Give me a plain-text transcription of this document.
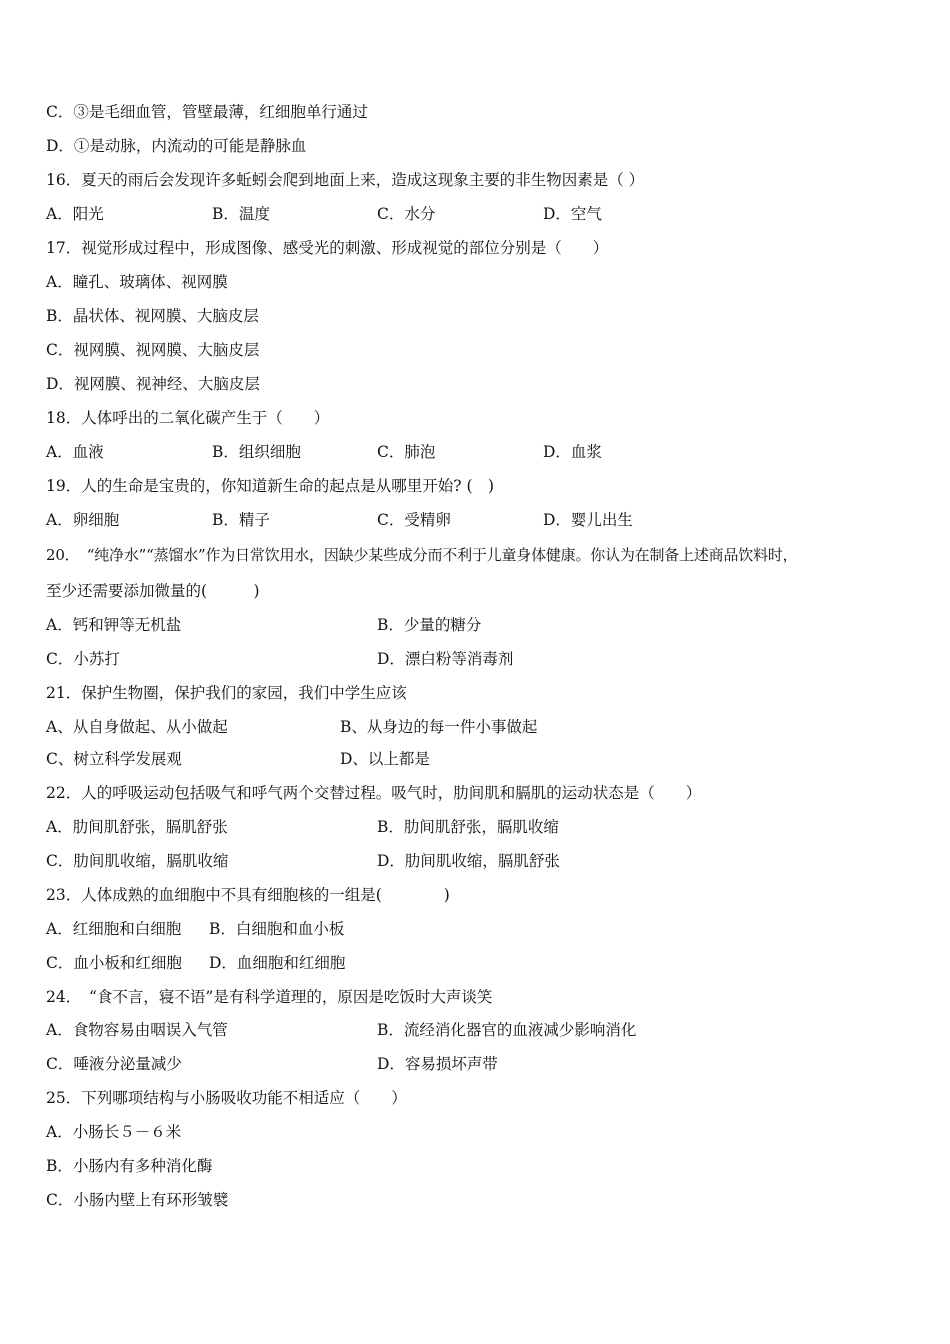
C．③是毛细血管，管壁最薄，红细胞单行通过
D．①是动脉，内流动的可能是静脉血
16．夏天的雨后会发现许多蚯蚓会爬到地面上来，造成这现象主要的非生物因素是（ ）
A．阳光	B．温度	C．水分	D．空气
17．视觉形成过程中，形成图像、感受光的刺激、形成视觉的部位分别是（　　）
A．瞳孔、玻璃体、视网膜
B．晶状体、视网膜、大脑皮层
C．视网膜、视网膜、大脑皮层
D．视网膜、视神经、大脑皮层
18．人体呼出的二氧化碳产生于（　　）
A．血液	B．组织细胞	C．肺泡	D．血浆
19．人的生命是宝贵的，你知道新生命的起点是从哪里开始? (　)
A．卵细胞	B．精子	C．受精卵	D．婴儿出生
20．　“纯净水”“蒸馏水”作为日常饮用水，因缺少某些成分而不利于儿童身体健康。你认为在制备上述商品饮料时，
至少还需要添加微量的(　　　)
A．钙和钾等无机盐	B．少量的糖分
C．小苏打	D．漂白粉等消毒剂
21．保护生物圈，保护我们的家园，我们中学生应该
A、从自身做起、从小做起	B、从身边的每一件小事做起
C、树立科学发展观	D、以上都是
22．人的呼吸运动包括吸气和呼气两个交替过程。吸气时，肋间肌和膈肌的运动状态是（　　）
A．肋间肌舒张，膈肌舒张	B．肋间肌舒张，膈肌收缩
C．肋间肌收缩，膈肌收缩	D．肋间肌收缩，膈肌舒张
23．人体成熟的血细胞中不具有细胞核的一组是(　　　　)
A．红细胞和白细胞 B．白细胞和血小板
C．血小板和红细胞 D．血细胞和红细胞
24．　“食不言，寝不语”是有科学道理的，原因是吃饭时大声谈笑
A．食物容易由咽误入气管	B．流经消化器官的血液减少影响消化
C．唾液分泌量减少	D．容易损坏声带
25．下列哪项结构与小肠吸收功能不相适应（　　）
A．小肠长５－６米
B．小肠内有多种消化酶
C．小肠内壁上有环形皱襞
